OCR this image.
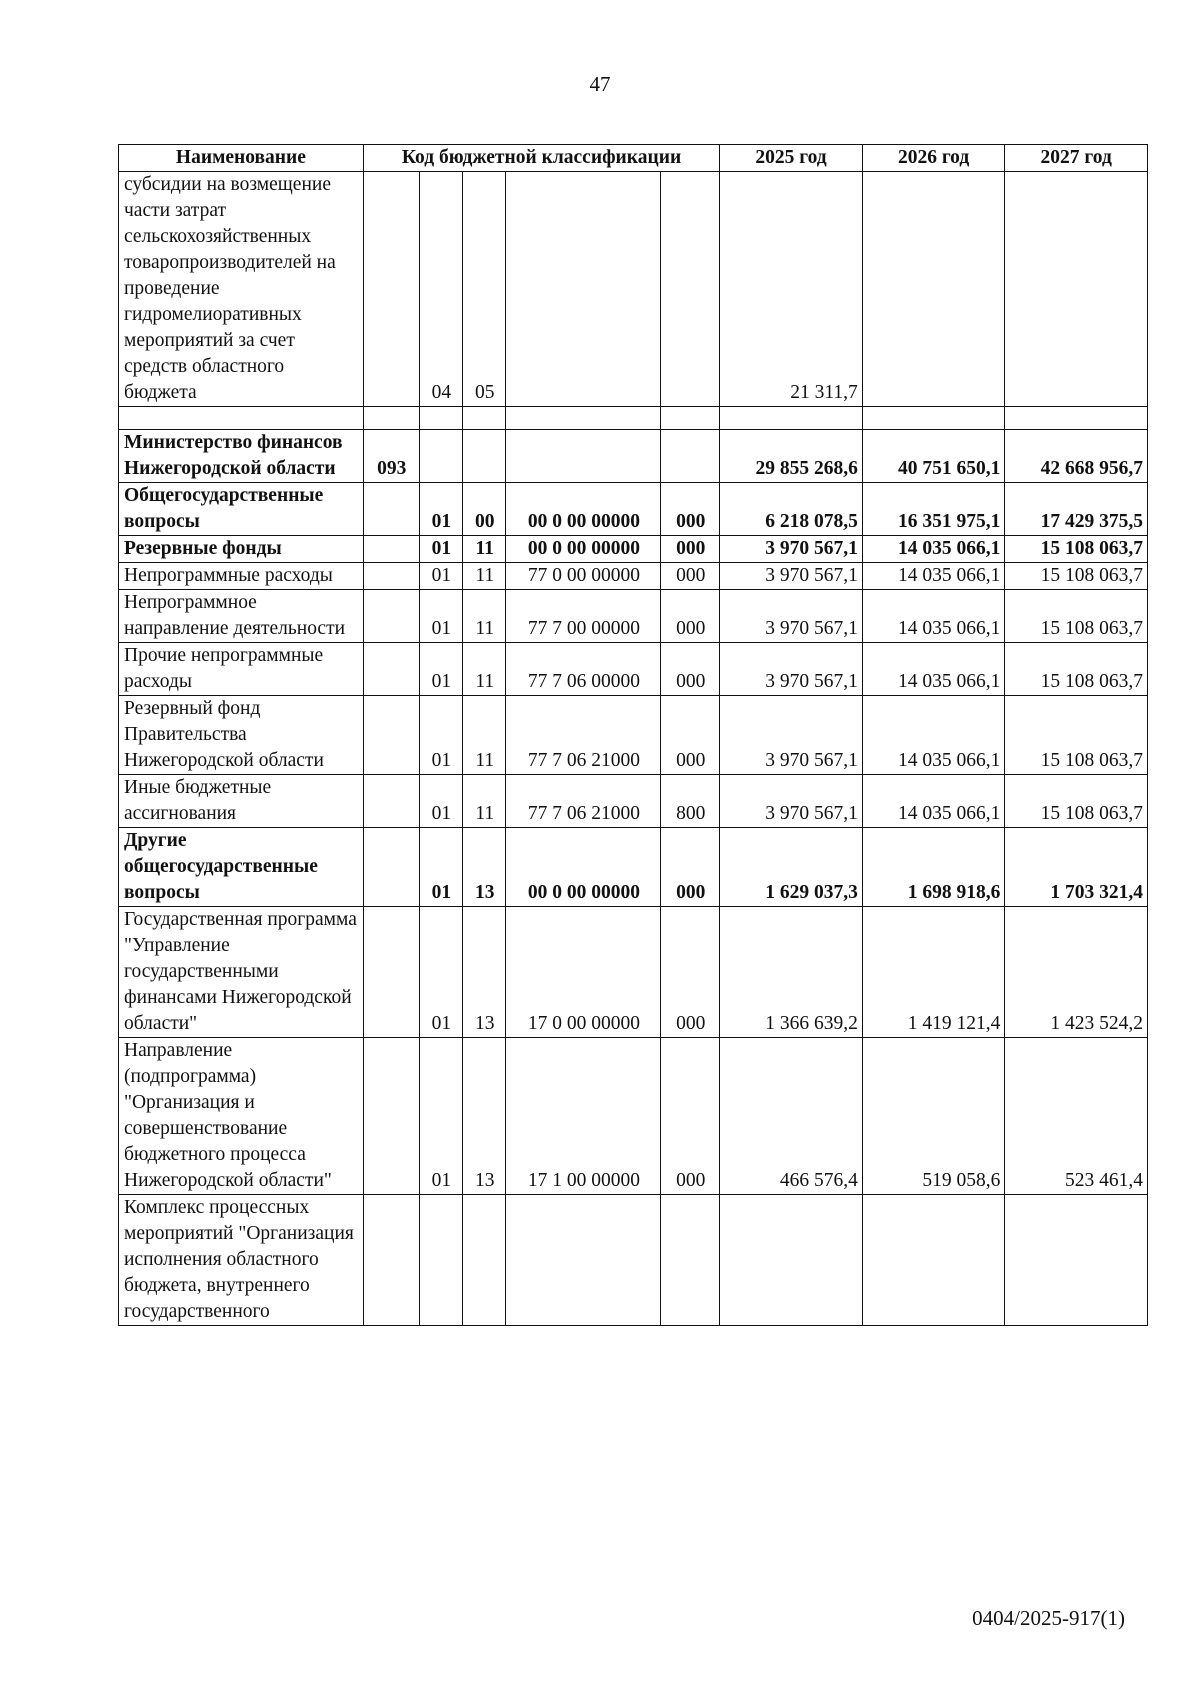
47
Наименование	Код бюджетной классификации					2025 год	2026 год	2027 год
субсидии на возмещение части затрат сельскохозяйственных товаропроизводителей на проведение гидромелиоративных мероприятий за счет средств областного бюджета		04	05			21 311,7		

Министерство финансов Нижегородской области	093					29 855 268,6	40 751 650,1	42 668 956,7
Общегосударственные вопросы		01	00	00 0 00 00000	000	6 218 078,5	16 351 975,1	17 429 375,5
Резервные фонды		01	11	00 0 00 00000	000	3 970 567,1	14 035 066,1	15 108 063,7
Непрограммные расходы		01	11	77 0 00 00000	000	3 970 567,1	14 035 066,1	15 108 063,7
Непрограммное направление деятельности		01	11	77 7 00 00000	000	3 970 567,1	14 035 066,1	15 108 063,7
Прочие непрограммные расходы		01	11	77 7 06 00000	000	3 970 567,1	14 035 066,1	15 108 063,7
Резервный фонд Правительства Нижегородской области		01	11	77 7 06 21000	000	3 970 567,1	14 035 066,1	15 108 063,7
Иные бюджетные ассигнования		01	11	77 7 06 21000	800	3 970 567,1	14 035 066,1	15 108 063,7
Другие общегосударственные вопросы		01	13	00 0 00 00000	000	1 629 037,3	1 698 918,6	1 703 321,4
Государственная программа "Управление государственными финансами Нижегородской области"		01	13	17 0 00 00000	000	1 366 639,2	1 419 121,4	1 423 524,2
Направление (подпрограмма) "Организация и совершенствование бюджетного процесса Нижегородской области"		01	13	17 1 00 00000	000	466 576,4	519 058,6	523 461,4
Комплекс процессных мероприятий "Организация исполнения областного бюджета, внутреннего государственного								
0404/2025-917(1)
